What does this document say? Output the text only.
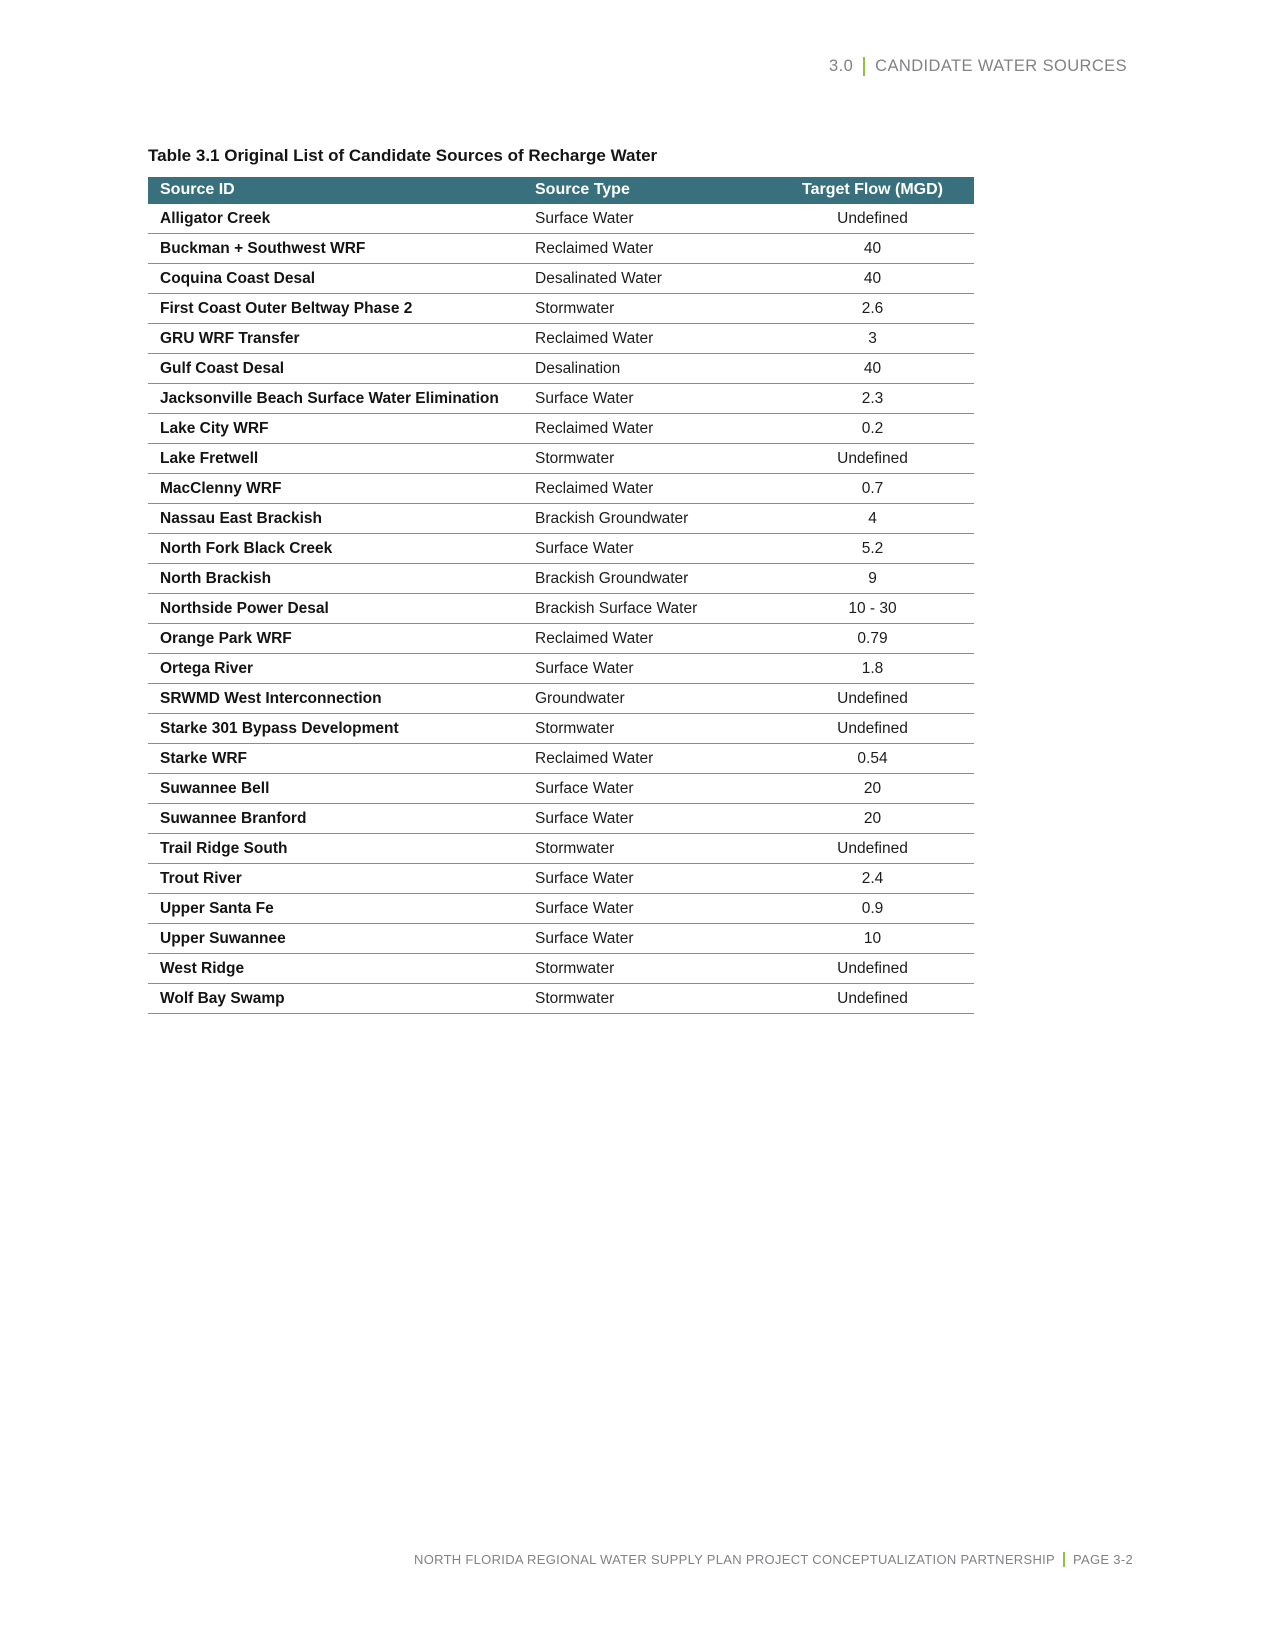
3.0 CANDIDATE WATER SOURCES
Table 3.1 Original List of Candidate Sources of Recharge Water
Source ID	Source Type	Target Flow (MGD)
Alligator Creek	Surface Water	Undefined
Buckman + Southwest WRF	Reclaimed Water	40
Coquina Coast Desal	Desalinated Water	40
First Coast Outer Beltway Phase 2	Stormwater	2.6
GRU WRF Transfer	Reclaimed Water	3
Gulf Coast Desal	Desalination	40
Jacksonville Beach Surface Water Elimination	Surface Water	2.3
Lake City WRF	Reclaimed Water	0.2
Lake Fretwell	Stormwater	Undefined
MacClenny WRF	Reclaimed Water	0.7
Nassau East Brackish	Brackish Groundwater	4
North Fork Black Creek	Surface Water	5.2
North Brackish	Brackish Groundwater	9
Northside Power Desal	Brackish Surface Water	10 - 30
Orange Park WRF	Reclaimed Water	0.79
Ortega River	Surface Water	1.8
SRWMD West Interconnection	Groundwater	Undefined
Starke 301 Bypass Development	Stormwater	Undefined
Starke WRF	Reclaimed Water	0.54
Suwannee Bell	Surface Water	20
Suwannee Branford	Surface Water	20
Trail Ridge South	Stormwater	Undefined
Trout River	Surface Water	2.4
Upper Santa Fe	Surface Water	0.9
Upper Suwannee	Surface Water	10
West Ridge	Stormwater	Undefined
Wolf Bay Swamp	Stormwater	Undefined
NORTH FLORIDA REGIONAL WATER SUPPLY PLAN PROJECT CONCEPTUALIZATION PARTNERSHIP PAGE 3-2
